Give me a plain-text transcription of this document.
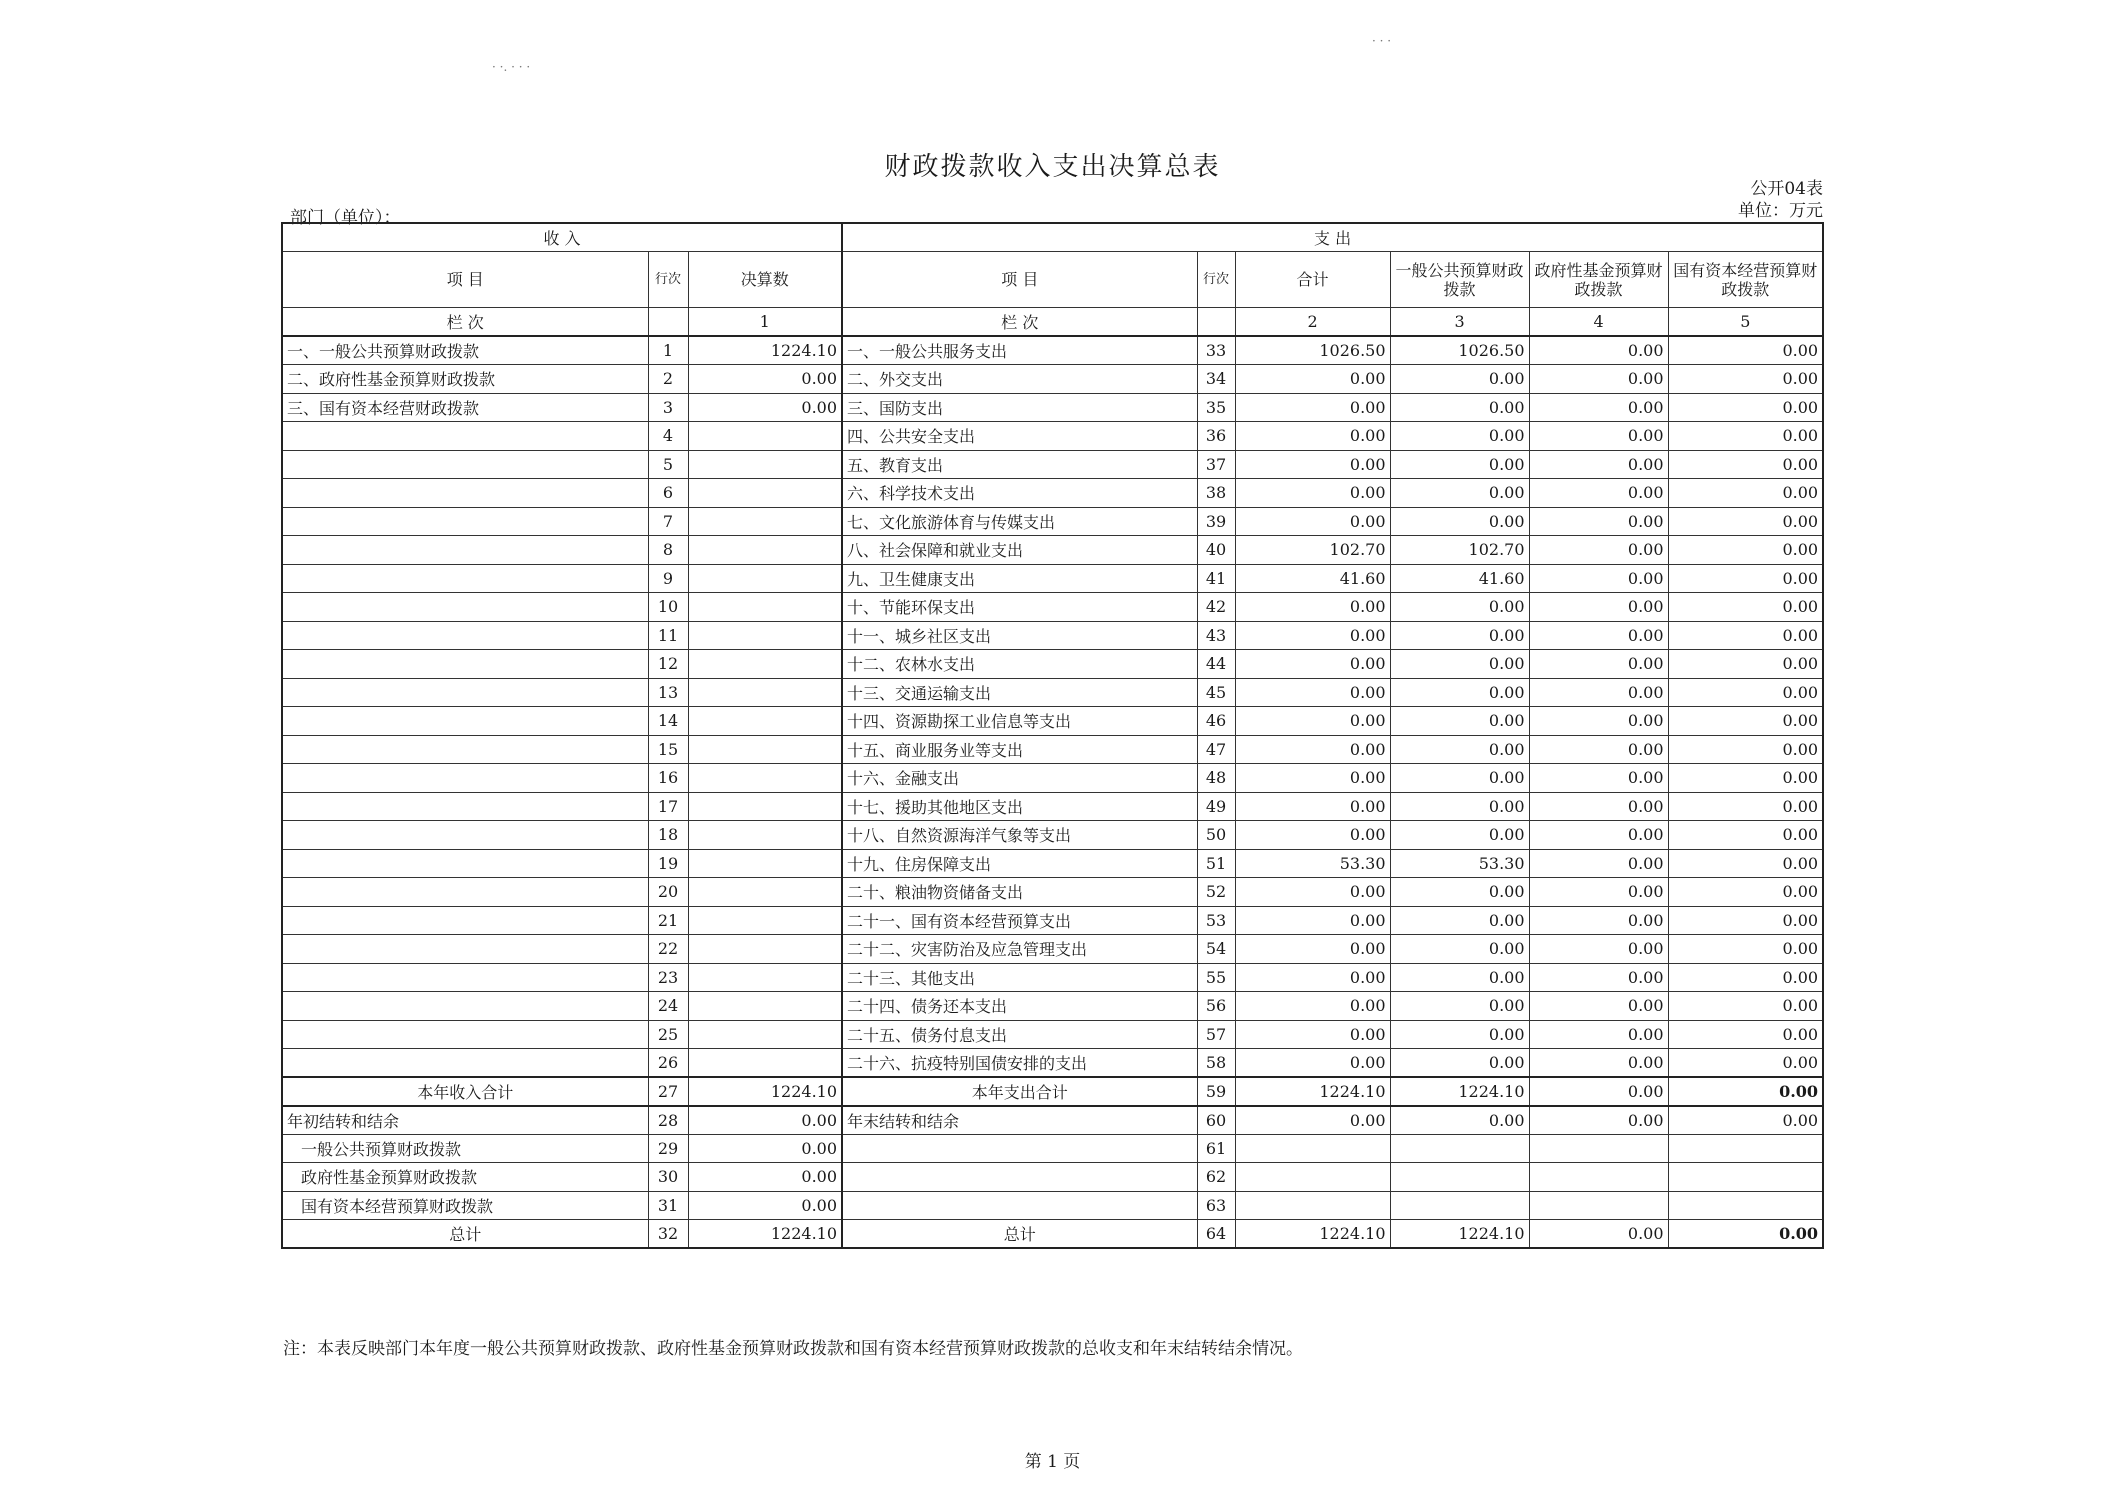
· ·. · · ·
· · ·
财政拨款收入支出决算总表
公开04表
单位：万元
部门（单位）：
收 入			支 出					
项 目	行次	决算数	项 目	行次	合计	一般公共预算财政拨款	政府性基金预算财政拨款	国有资本经营预算财政拨款
栏 次		1	栏 次		2	3	4	5
一、一般公共预算财政拨款	1	1224.10	一、一般公共服务支出	33	1026.50	1026.50	0.00	0.00
二、政府性基金预算财政拨款	2	0.00	二、外交支出	34	0.00	0.00	0.00	0.00
三、国有资本经营财政拨款	3	0.00	三、国防支出	35	0.00	0.00	0.00	0.00
	4		四、公共安全支出	36	0.00	0.00	0.00	0.00
	5		五、教育支出	37	0.00	0.00	0.00	0.00
	6		六、科学技术支出	38	0.00	0.00	0.00	0.00
	7		七、文化旅游体育与传媒支出	39	0.00	0.00	0.00	0.00
	8		八、社会保障和就业支出	40	102.70	102.70	0.00	0.00
	9		九、卫生健康支出	41	41.60	41.60	0.00	0.00
	10		十、节能环保支出	42	0.00	0.00	0.00	0.00
	11		十一、城乡社区支出	43	0.00	0.00	0.00	0.00
	12		十二、农林水支出	44	0.00	0.00	0.00	0.00
	13		十三、交通运输支出	45	0.00	0.00	0.00	0.00
	14		十四、资源勘探工业信息等支出	46	0.00	0.00	0.00	0.00
	15		十五、商业服务业等支出	47	0.00	0.00	0.00	0.00
	16		十六、金融支出	48	0.00	0.00	0.00	0.00
	17		十七、援助其他地区支出	49	0.00	0.00	0.00	0.00
	18		十八、自然资源海洋气象等支出	50	0.00	0.00	0.00	0.00
	19		十九、住房保障支出	51	53.30	53.30	0.00	0.00
	20		二十、粮油物资储备支出	52	0.00	0.00	0.00	0.00
	21		二十一、国有资本经营预算支出	53	0.00	0.00	0.00	0.00
	22		二十二、灾害防治及应急管理支出	54	0.00	0.00	0.00	0.00
	23		二十三、其他支出	55	0.00	0.00	0.00	0.00
	24		二十四、债务还本支出	56	0.00	0.00	0.00	0.00
	25		二十五、债务付息支出	57	0.00	0.00	0.00	0.00
	26		二十六、抗疫特别国债安排的支出	58	0.00	0.00	0.00	0.00
本年收入合计	27	1224.10	本年支出合计	59	1224.10	1224.10	0.00	0.00
年初结转和结余	28	0.00	年末结转和结余	60	0.00	0.00	0.00	0.00
一般公共预算财政拨款	29	0.00		61				
政府性基金预算财政拨款	30	0.00		62				
国有资本经营预算财政拨款	31	0.00		63				
总计	32	1224.10	总计	64	1224.10	1224.10	0.00	0.00
注：本表反映部门本年度一般公共预算财政拨款、政府性基金预算财政拨款和国有资本经营预算财政拨款的总收支和年末结转结余情况。
第 1 页
